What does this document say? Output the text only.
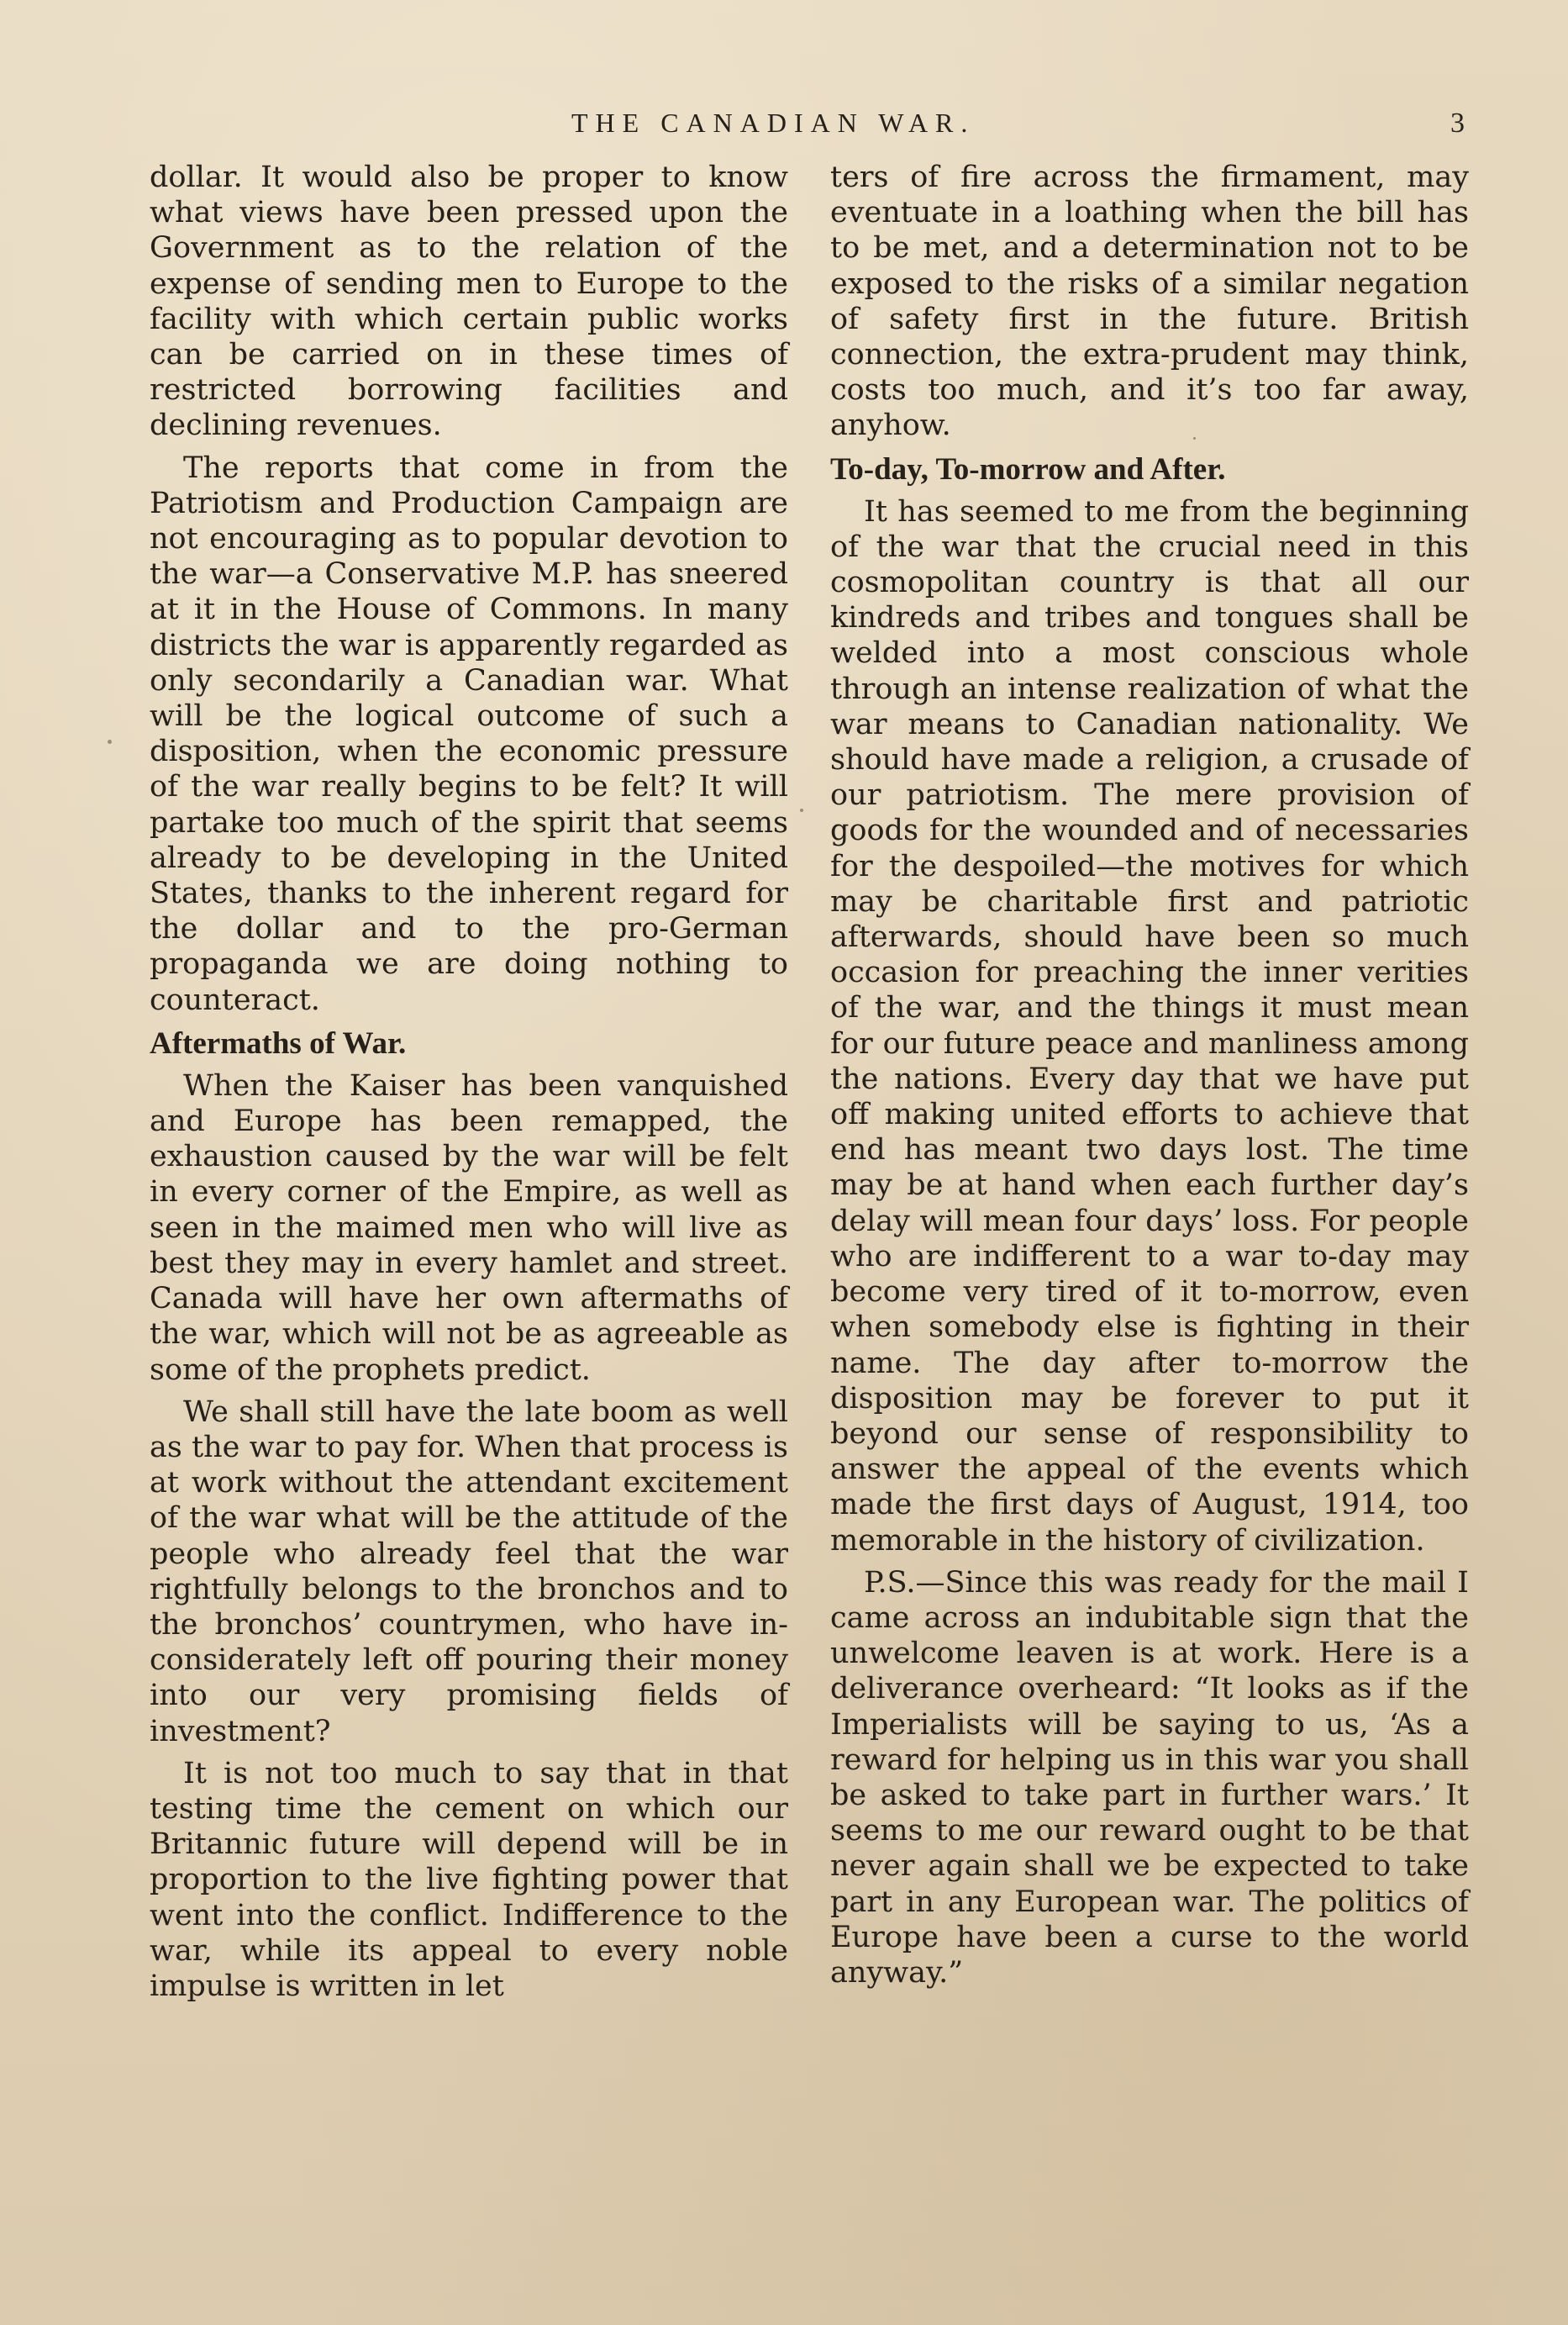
THE CANADIAN WAR.	3

dollar. It would also be proper to know what views have been pressed upon the Government as to the relation of the expense of sending men to Europe to the facility with which certain public works can be carried on in these times of restricted borrowing facilities and declining revenues.

The reports that come in from the Patriotism and Production Campaign are not encouraging as to popular devotion to the war—a Conservative M.P. has sneered at it in the House of Commons. In many districts the war is apparently regarded as only secondarily a Canadian war. What will be the logical outcome of such a disposition, when the economic pressure of the war really begins to be felt? It will partake too much of the spirit that seems already to be developing in the United States, thanks to the inherent regard for the dollar and to the pro-German propaganda we are doing nothing to counteract.

Aftermaths of War.

When the Kaiser has been vanquished and Europe has been remapped, the exhaustion caused by the war will be felt in every corner of the Empire, as well as seen in the maimed men who will live as best they may in every hamlet and street. Canada will have her own aftermaths of the war, which will not be as agreeable as some of the prophets predict.

We shall still have the late boom as well as the war to pay for. When that process is at work without the attendant excitement of the war what will be the attitude of the people who already feel that the war rightfully belongs to the bronchos and to the bronchos’ countrymen, who have inconsiderately left off pouring their money into our very promising fields of investment?

It is not too much to say that in that testing time the cement on which our Britannic future will depend will be in proportion to the live fighting power that went into the conflict. Indifference to the war, while its appeal to every noble impulse is written in let

ters of fire across the firmament, may eventuate in a loathing when the bill has to be met, and a determination not to be exposed to the risks of a similar negation of safety first in the future. British connection, the extra-prudent may think, costs too much, and it’s too far away, anyhow.

To-day, To-morrow and After.

It has seemed to me from the beginning of the war that the crucial need in this cosmopolitan country is that all our kindreds and tribes and tongues shall be welded into a most conscious whole through an intense realization of what the war means to Canadian nationality. We should have made a religion, a crusade of our patriotism. The mere provision of goods for the wounded and of necessaries for the despoiled—the motives for which may be charitable first and patriotic afterwards, should have been so much occasion for preaching the inner verities of the war, and the things it must mean for our future peace and manliness among the nations. Every day that we have put off making united efforts to achieve that end has meant two days lost. The time may be at hand when each further day’s delay will mean four days’ loss. For people who are indifferent to a war to-day may become very tired of it to-morrow, even when somebody else is fighting in their name. The day after to-morrow the disposition may be forever to put it beyond our sense of responsibility to answer the appeal of the events which made the first days of August, 1914, too memorable in the history of civilization.

P.S.—Since this was ready for the mail I came across an indubitable sign that the unwelcome leaven is at work. Here is a deliverance overheard: “It looks as if the Imperialists will be saying to us, ‘As a reward for helping us in this war you shall be asked to take part in further wars.’ It seems to me our reward ought to be that never again shall we be expected to take part in any European war. The politics of Europe have been a curse to the world anyway.”
